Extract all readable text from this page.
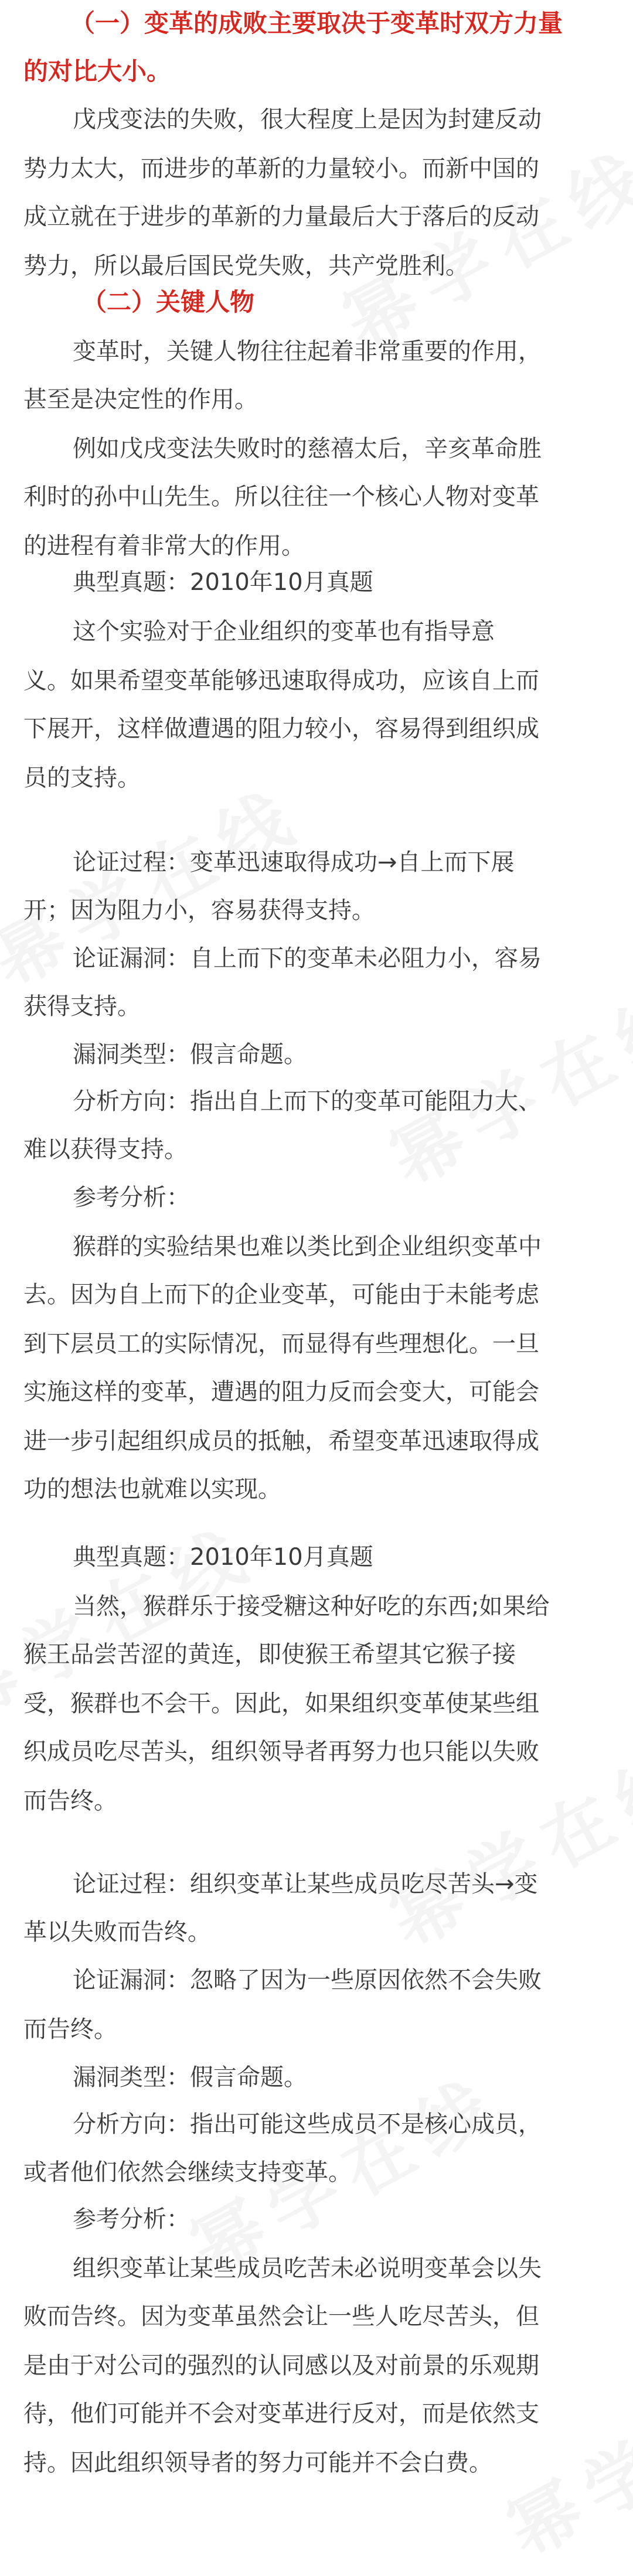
（一）变革的成败主要取决于变革时双方力量

的对比大小。

戊戌变法的失败，很大程度上是因为封建反动

势力太大，而进步的革新的力量较小。而新中国的

成立就在于进步的革新的力量最后大于落后的反动

势力，所以最后国民党失败，共产党胜利。

（二）关键人物

变革时，关键人物往往起着非常重要的作用，

甚至是决定性的作用。

例如戊戌变法失败时的慈禧太后，辛亥革命胜

利时的孙中山先生。所以往往一个核心人物对变革

的进程有着非常大的作用。

典型真题：2010年10月真题

这个实验对于企业组织的变革也有指导意

义。如果希望变革能够迅速取得成功，应该自上而

下展开，这样做遭遇的阻力较小，容易得到组织成

员的支持。

论证过程：变革迅速取得成功→自上而下展

开；因为阻力小，容易获得支持。

论证漏洞：自上而下的变革未必阻力小，容易

获得支持。

漏洞类型：假言命题。

分析方向：指出自上而下的变革可能阻力大、

难以获得支持。

参考分析：

猴群的实验结果也难以类比到企业组织变革中

去。因为自上而下的企业变革，可能由于未能考虑

到下层员工的实际情况，而显得有些理想化。一旦

实施这样的变革，遭遇的阻力反而会变大，可能会

进一步引起组织成员的抵触，希望变革迅速取得成

功的想法也就难以实现。

典型真题：2010年10月真题

当然，猴群乐于接受糖这种好吃的东西;如果给

猴王品尝苦涩的黄连，即使猴王希望其它猴子接

受，猴群也不会干。因此，如果组织变革使某些组

织成员吃尽苦头，组织领导者再努力也只能以失败

而告终。

论证过程：组织变革让某些成员吃尽苦头→变

革以失败而告终。

论证漏洞：忽略了因为一些原因依然不会失败

而告终。

漏洞类型：假言命题。

分析方向：指出可能这些成员不是核心成员，

或者他们依然会继续支持变革。

参考分析：

组织变革让某些成员吃苦未必说明变革会以失

败而告终。因为变革虽然会让一些人吃尽苦头，但

是由于对公司的强烈的认同感以及对前景的乐观期

待，他们可能并不会对变革进行反对，而是依然支

持。因此组织领导者的努力可能并不会白费。
